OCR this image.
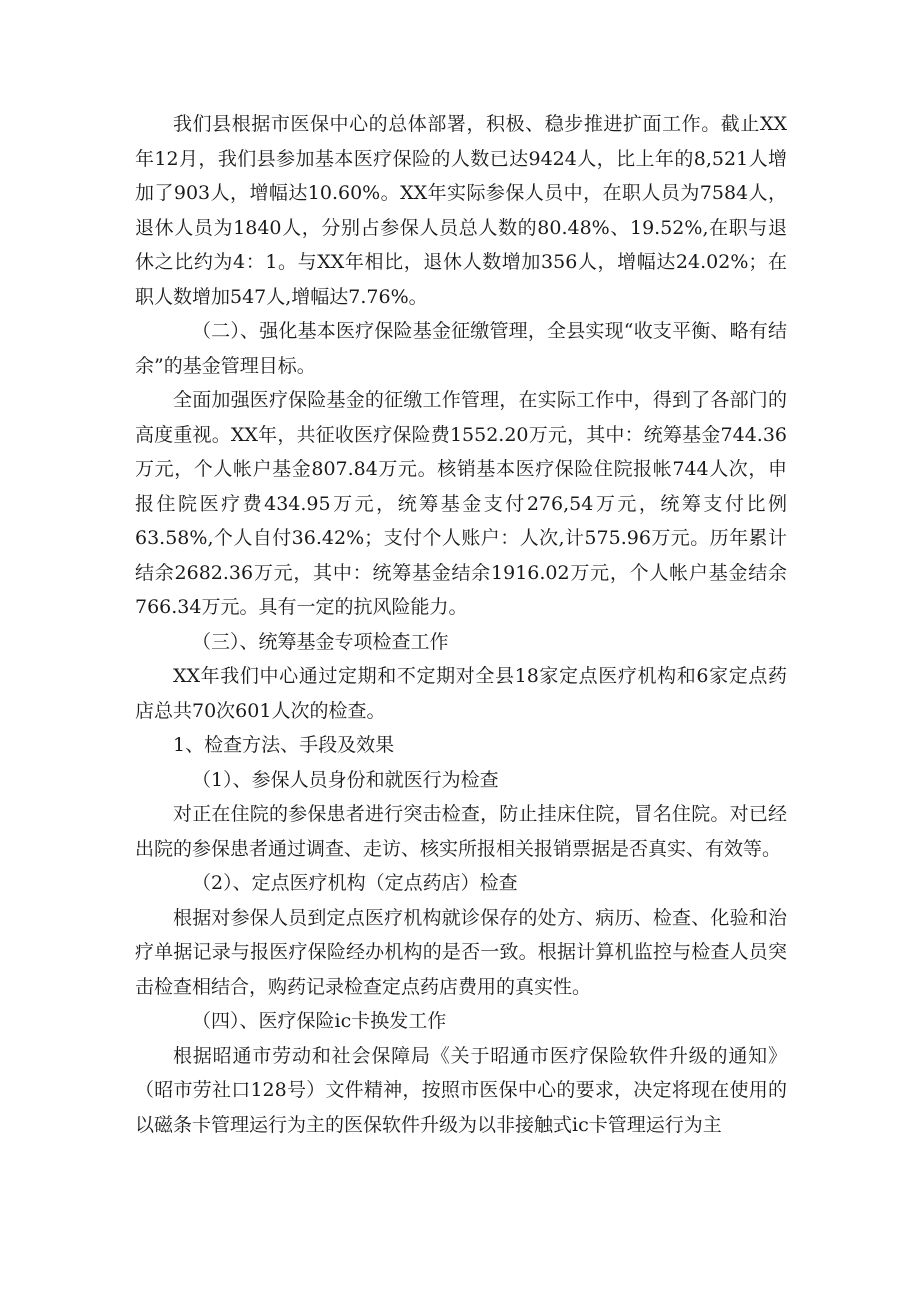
我们县根据市医保中心的总体部署，积极、稳步推进扩面工作。截止XX年12月，我们县参加基本医疗保险的人数已达9424人，比上年的8,521人增加了903人，增幅达10.60%。XX年实际参保人员中，在职人员为7584人，退休人员为1840人，分别占参保人员总人数的80.48%、19.52%,在职与退休之比约为4：1。与XX年相比，退休人数增加356人，增幅达24.02%；在职人数增加547人,增幅达7.76%。

（二）、强化基本医疗保险基金征缴管理，全县实现“收支平衡、略有结余”的基金管理目标。

全面加强医疗保险基金的征缴工作管理，在实际工作中，得到了各部门的高度重视。XX年，共征收医疗保险费1552.20万元，其中：统筹基金744.36万元，个人帐户基金807.84万元。核销基本医疗保险住院报帐744人次，申报住院医疗费434.95万元，统筹基金支付276,54万元，统筹支付比例63.58%,个人自付36.42%；支付个人账户：人次,计575.96万元。历年累计结余2682.36万元，其中：统筹基金结余1916.02万元，个人帐户基金结余766.34万元。具有一定的抗风险能力。

（三）、统筹基金专项检查工作

XX年我们中心通过定期和不定期对全县18家定点医疗机构和6家定点药店总共70次601人次的检查。

1、检查方法、手段及效果

（1）、参保人员身份和就医行为检查

对正在住院的参保患者进行突击检查，防止挂床住院，冒名住院。对已经出院的参保患者通过调查、走访、核实所报相关报销票据是否真实、有效等。

（2）、定点医疗机构（定点药店）检查

根据对参保人员到定点医疗机构就诊保存的处方、病历、检查、化验和治疗单据记录与报医疗保险经办机构的是否一致。根据计算机监控与检查人员突击检查相结合，购药记录检查定点药店费用的真实性。

（四）、医疗保险ic卡换发工作

根据昭通市劳动和社会保障局《关于昭通市医疗保险软件升级的通知》（昭市劳社口128号）文件精神，按照市医保中心的要求，决定将现在使用的以磁条卡管理运行为主的医保软件升级为以非接触式ic卡管理运行为主
